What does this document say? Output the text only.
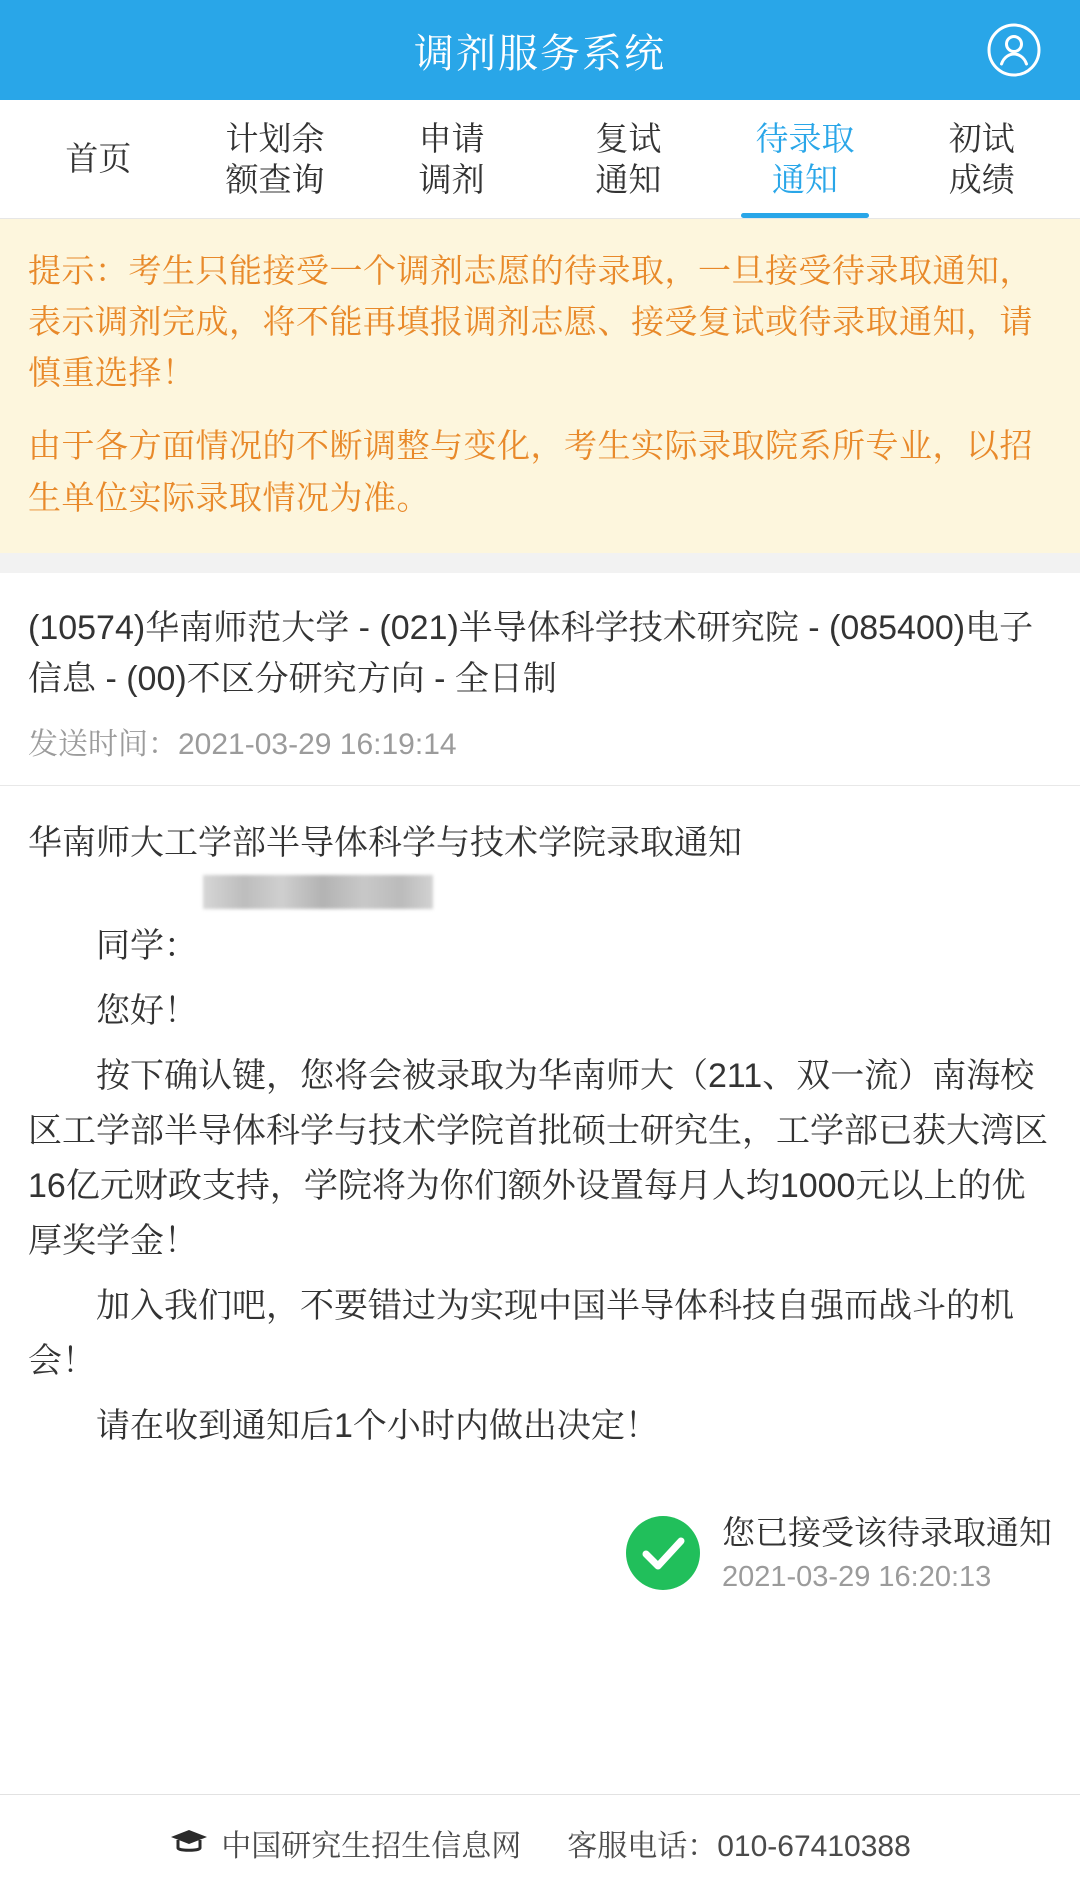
调剂服务系统
首页
计划余
额查询
申请
调剂
复试
通知
待录取
通知
初试
成绩

提示：考生只能接受一个调剂志愿的待录取，一旦接受待录取通知，表示调剂完成，将不能再填报调剂志愿、接受复试或待录取通知，请慎重选择！

由于各方面情况的不断调整与变化，考生实际录取院系所专业，以招生单位实际录取情况为准。

(10574)华南师范大学 - (021)半导体科学技术研究院 - (085400)电子信息 - (00)不区分研究方向 - 全日制
发送时间：2021-03-29 16:19:14
华南师大工学部半导体科学与技术学院录取通知

同学：

您好！

按下确认键，您将会被录取为华南师大（211、双一流）南海校区工学部半导体科学与技术学院首批硕士研究生，工学部已获大湾区16亿元财政支持，学院将为你们额外设置每月人均1000元以上的优厚奖学金！

加入我们吧，不要错过为实现中国半导体科技自强而战斗的机会！

请在收到通知后1个小时内做出决定！

您已接受该待录取通知
2021-03-29 16:20:13
中国研究生招生信息网 客服电话：010-67410388
